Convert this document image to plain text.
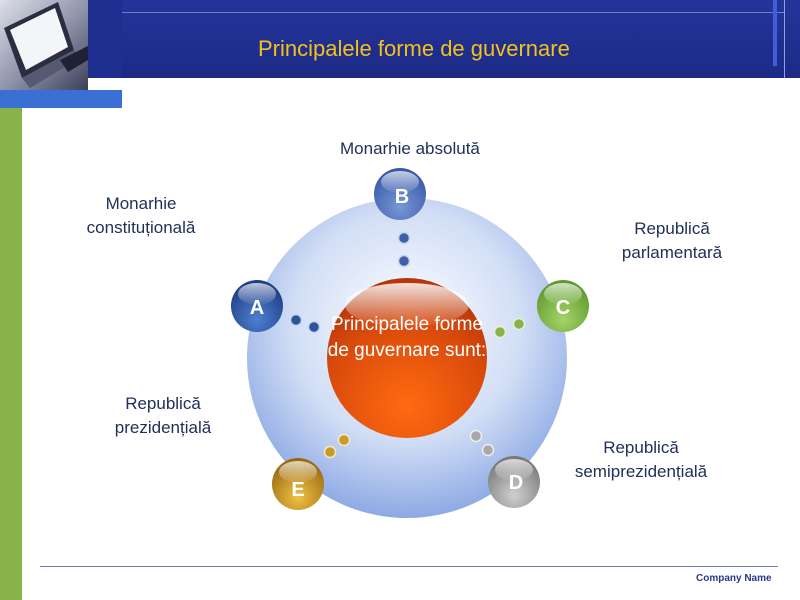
Principalele forme de guvernare
A
B
C
D
E
Principalele forme de guvernare sunt:
Monarhie absolută
Monarhie
constituțională	Republică
parlamentară
Republică
prezidențială
Republică
semiprezidențială
Company Name
